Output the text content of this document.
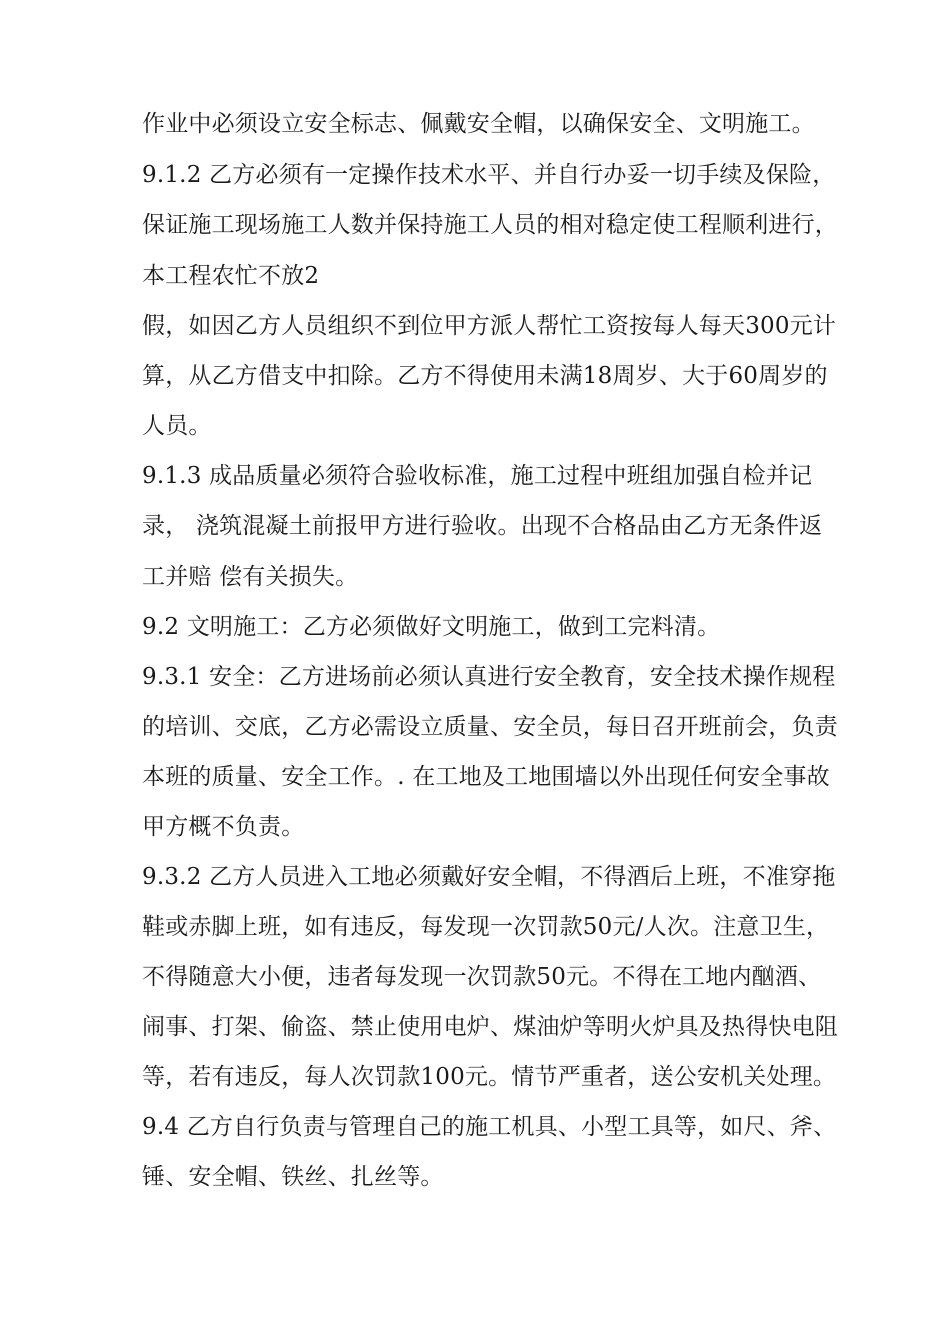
作业中必须设立安全标志、佩戴安全帽，以确保安全、文明施工。
9.1.2 乙方必须有一定操作技术水平、并自行办妥一切手续及保险，
保证施工现场施工人数并保持施工人员的相对稳定使工程顺利进行，
本工程农忙不放2
假，如因乙方人员组织不到位甲方派人帮忙工资按每人每天300元计
算，从乙方借支中扣除。乙方不得使用未满18周岁、大于60周岁的
人员。
9.1.3 成品质量必须符合验收标准，施工过程中班组加强自检并记
录， 浇筑混凝土前报甲方进行验收。出现不合格品由乙方无条件返
工并赔 偿有关损失。
9.2 文明施工：乙方必须做好文明施工，做到工完料清。
9.3.1 安全：乙方进场前必须认真进行安全教育，安全技术操作规程
的培训、交底，乙方必需设立质量、安全员，每日召开班前会，负责
本班的质量、安全工作。. 在工地及工地围墙以外出现任何安全事故
甲方概不负责。
9.3.2 乙方人员进入工地必须戴好安全帽，不得酒后上班，不准穿拖
鞋或赤脚上班，如有违反，每发现一次罚款50元/人次。注意卫生，
不得随意大小便，违者每发现一次罚款50元。不得在工地内酗酒、
闹事、打架、偷盗、禁止使用电炉、煤油炉等明火炉具及热得快电阻
等，若有违反，每人次罚款100元。情节严重者，送公安机关处理。
9.4 乙方自行负责与管理自己的施工机具、小型工具等，如尺、斧、
锤、安全帽、铁丝、扎丝等。
